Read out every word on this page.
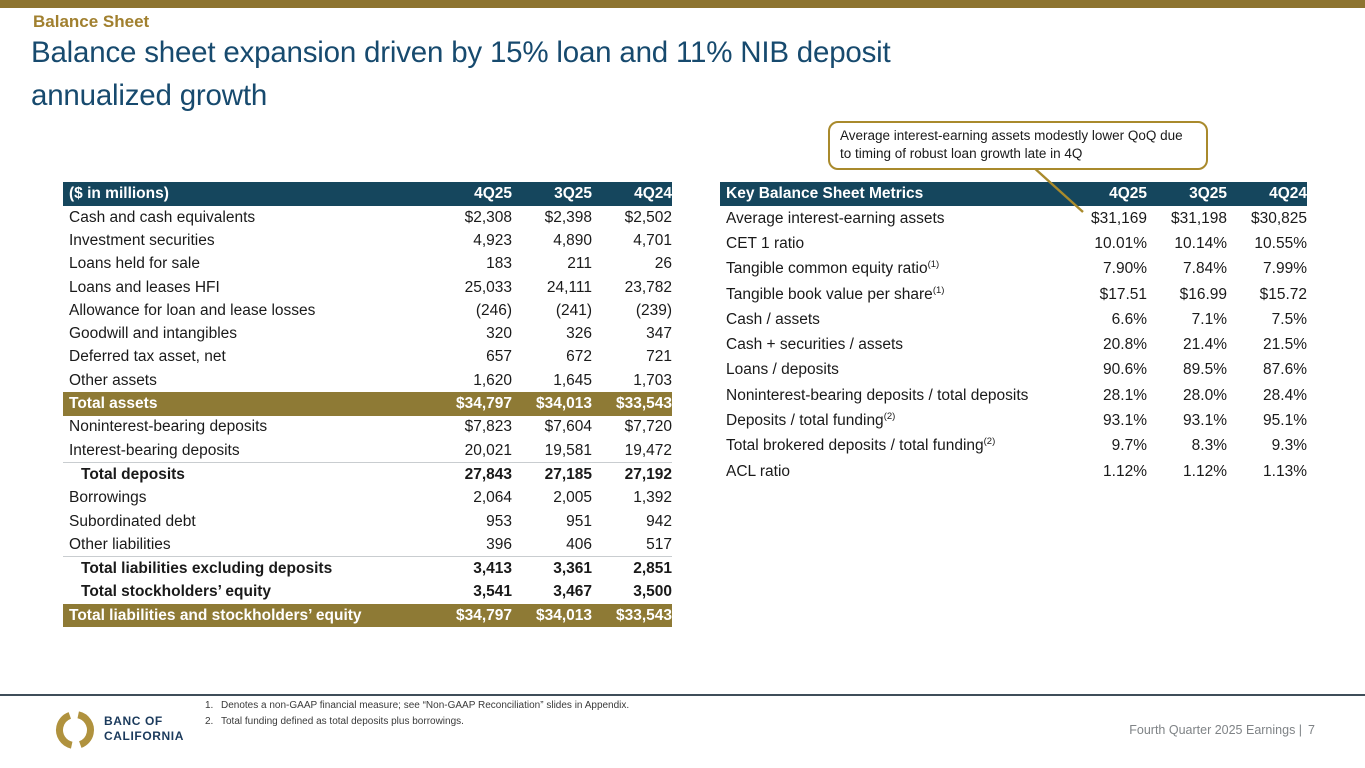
Balance Sheet
Balance sheet expansion driven by 15% loan and 11% NIB deposit
annualized growth
Average interest-earning assets modestly lower QoQ due to timing of robust loan growth late in 4Q
($ in millions)	4Q25	3Q25	4Q24
Cash and cash equivalents	$2,308	$2,398	$2,502
Investment securities	4,923	4,890	4,701
Loans held for sale	183	211	26
Loans and leases HFI	25,033	24,111	23,782
Allowance for loan and lease losses	(246)	(241)	(239)
Goodwill and intangibles	320	326	347
Deferred tax asset, net	657	672	721
Other assets	1,620	1,645	1,703
Total assets	$34,797	$34,013	$33,543
Noninterest-bearing deposits	$7,823	$7,604	$7,720
Interest-bearing deposits	20,021	19,581	19,472
Total deposits	27,843	27,185	27,192
Borrowings	2,064	2,005	1,392
Subordinated debt	953	951	942
Other liabilities	396	406	517
Total liabilities excluding deposits	3,413	3,361	2,851
Total stockholders’ equity	3,541	3,467	3,500
Total liabilities and stockholders’ equity	$34,797	$34,013	$33,543
Key Balance Sheet Metrics	4Q25	3Q25	4Q24
Average interest-earning assets	$31,169	$31,198	$30,825
CET 1 ratio	10.01%	10.14%	10.55%
Tangible common equity ratio$^{(1)}$	7.90%	7.84%	7.99%
Tangible book value per share$^{(1)}$	$17.51	$16.99	$15.72
Cash / assets	6.6%	7.1%	7.5%
Cash + securities / assets	20.8%	21.4%	21.5%
Loans / deposits	90.6%	89.5%	87.6%
Noninterest-bearing deposits / total deposits	28.1%	28.0%	28.4%
Deposits / total funding$^{(2)}$	93.1%	93.1%	95.1%
Total brokered deposits / total funding$^{(2)}$	9.7%	8.3%	9.3%
ACL ratio	1.12%	1.12%	1.13%
BANC OF
CALIFORNIA
1. Denotes a non-GAAP financial measure; see “Non-GAAP Reconciliation” slides in Appendix.
2. Total funding defined as total deposits plus borrowings.
Fourth Quarter 2025 Earnings | 7
